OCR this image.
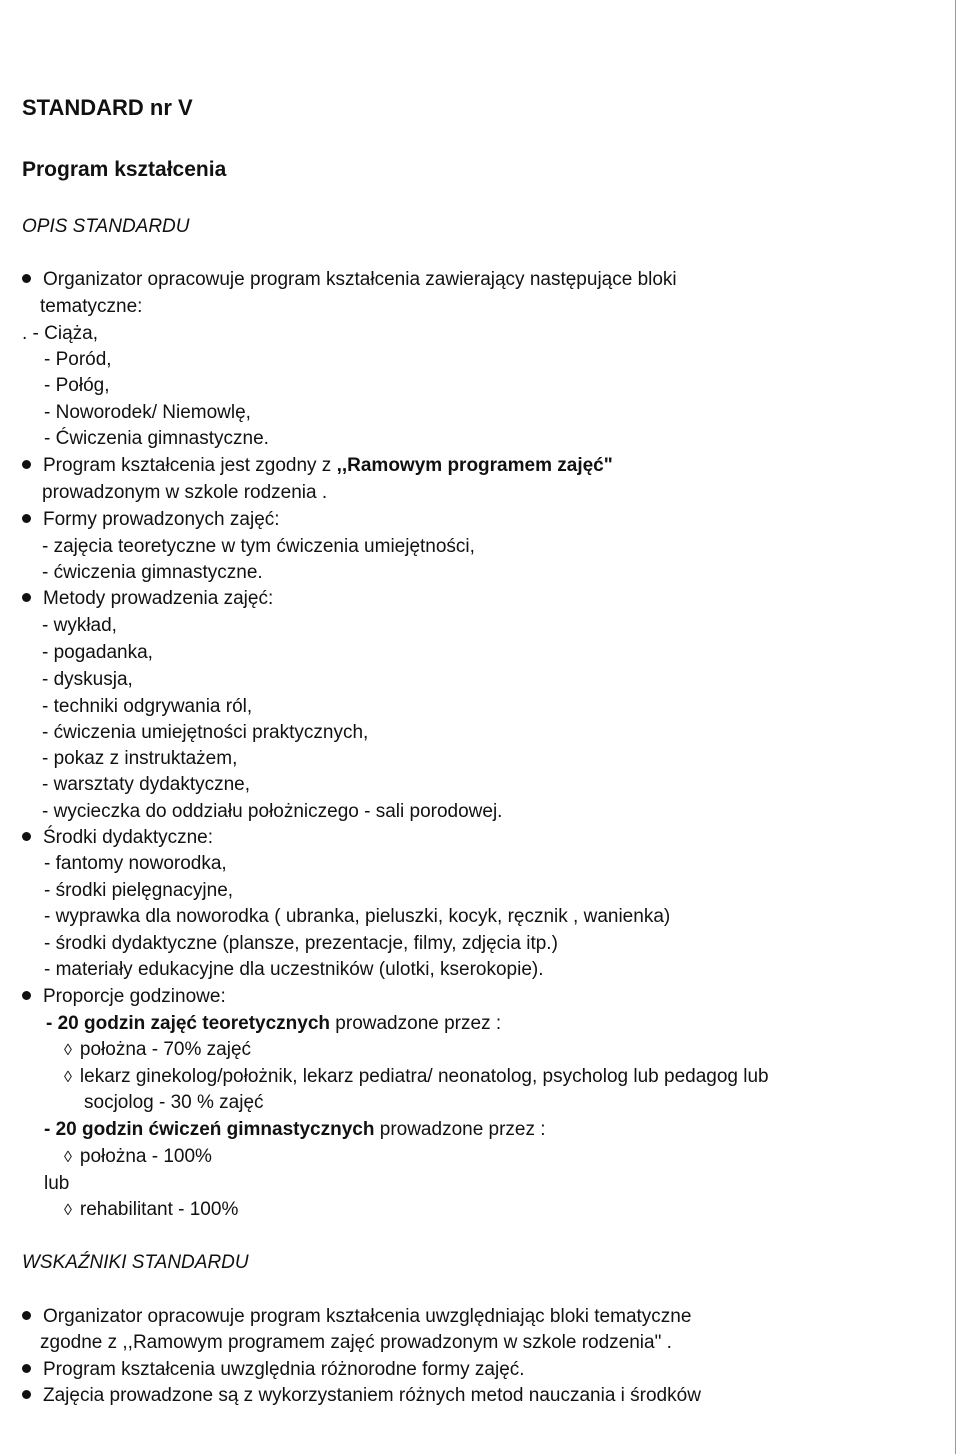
STANDARD nr V
Program kształcenia
OPIS STANDARDU
Organizator opracowuje program kształcenia zawierający następujące bloki
tematyczne:
. - Ciąża,
- Poród,
- Połóg,
- Noworodek/ Niemowlę,
- Ćwiczenia gimnastyczne.
Program kształcenia jest zgodny z ,,Ramowym programem zajęć"
prowadzonym w szkole rodzenia .
Formy prowadzonych zajęć:
- zajęcia teoretyczne w tym ćwiczenia umiejętności,
- ćwiczenia gimnastyczne.
Metody prowadzenia zajęć:
- wykład,
- pogadanka,
- dyskusja,
- techniki odgrywania ról,
- ćwiczenia umiejętności praktycznych,
- pokaz z instruktażem,
- warsztaty dydaktyczne,
- wycieczka do oddziału położniczego - sali porodowej.
Środki dydaktyczne:
- fantomy noworodka,
- środki pielęgnacyjne,
- wyprawka dla noworodka ( ubranka, pieluszki, kocyk, ręcznik , wanienka)
- środki dydaktyczne (plansze, prezentacje, filmy, zdjęcia itp.)
- materiały edukacyjne dla uczestników (ulotki, kserokopie).
Proporcje godzinowe:
- 20 godzin zajęć teoretycznych prowadzone przez :
◊ położna - 70% zajęć
◊ lekarz ginekolog/położnik, lekarz pediatra/ neonatolog, psycholog lub pedagog lub
socjolog - 30 % zajęć
- 20 godzin ćwiczeń gimnastycznych prowadzone przez :
◊ położna - 100%
lub
◊ rehabilitant - 100%
WSKAŹNIKI STANDARDU
Organizator opracowuje program kształcenia uwzględniając bloki tematyczne
zgodne z ,,Ramowym programem zajęć prowadzonym w szkole rodzenia" .
Program kształcenia uwzględnia różnorodne formy zajęć.
Zajęcia prowadzone są z wykorzystaniem różnych metod nauczania i środków
